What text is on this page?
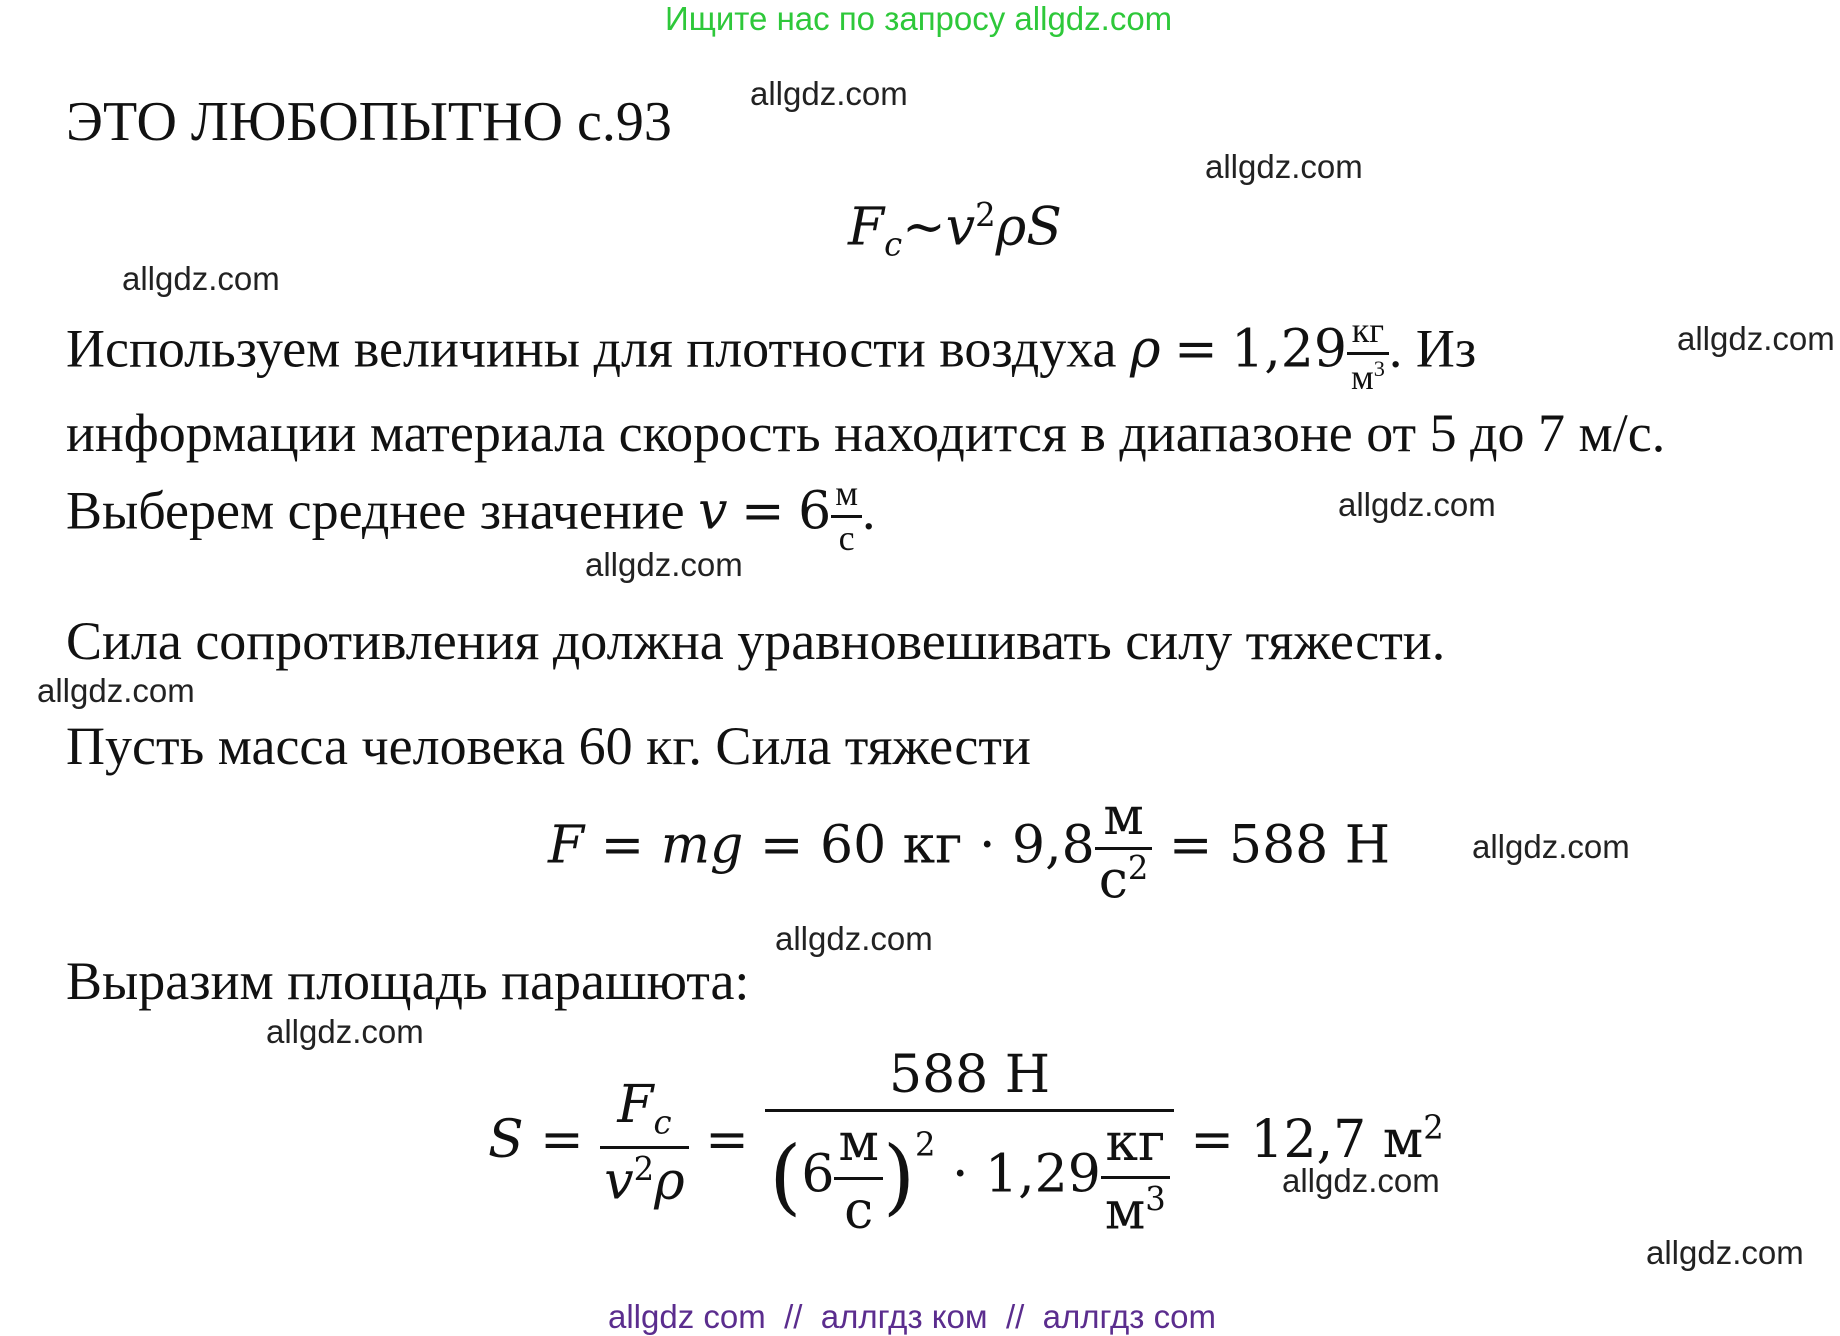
Ищите нас по запросу allgdz.com
allgdz.com
allgdz.com
allgdz.com
allgdz.com
allgdz.com
allgdz.com
allgdz.com
allgdz.com
allgdz.com
allgdz.com
allgdz.com
allgdz.com
ЭТО ЛЮБОПЫТНО с.93
$F_c\sim v^2\rho S$
Используем величины для плотности воздуха $\rho = 1,29 \frac{кг}{м^3}$ . Из
информации материала скорость находится в диапазоне от 5 до 7 м/с.
Выберем среднее значение $v = 6 \frac{м}{с}$ .
Сила сопротивления должна уравновешивать силу тяжести.
Пусть масса человека 60 кг. Сила тяжести
F = mg = 60 кг · $9,8 \frac{м}{с^2} = 588$ Н
Выразим площадь парашюта:
$S = \frac{F_c}{v^2\rho} = \frac{588 Н}{(6 \frac{м}{с} )^2 \cdot 1,29 \frac{кг}{м^3}} = 12,7$ $м^2$
allgdz com // аллгдз ком // аллгдз com
